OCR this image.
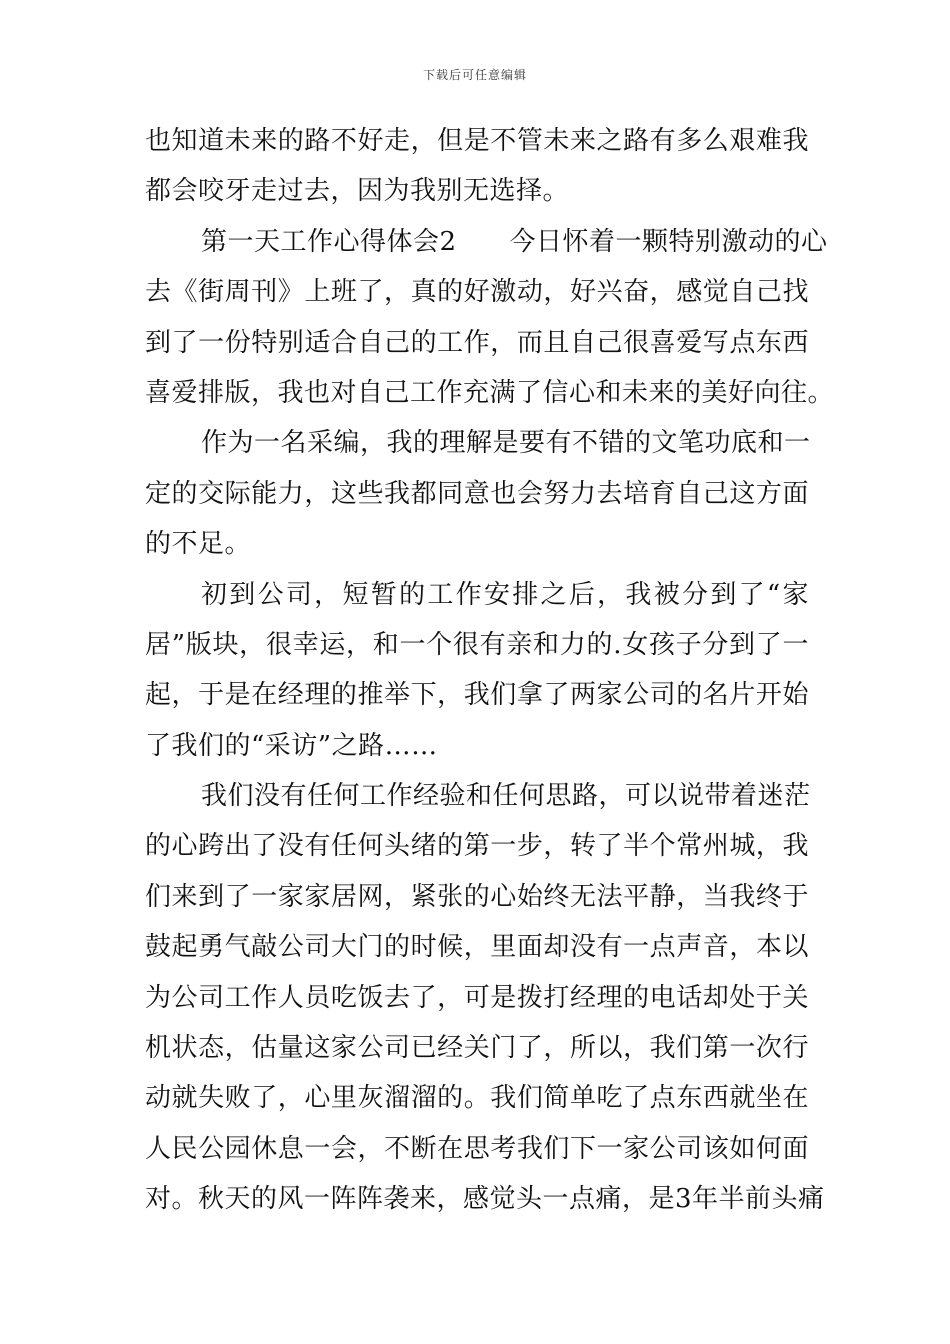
下载后可任意编辑
也知道未来的路不好走，但是不管未来之路有多么艰难我
都会咬牙走过去，因为我别无选择。
第一天工作心得体会2　　今日怀着一颗特别激动的心
去《街周刊》上班了，真的好激动，好兴奋，感觉自己找
到了一份特别适合自己的工作，而且自己很喜爱写点东西
喜爱排版，我也对自己工作充满了信心和未来的美好向往。
作为一名采编，我的理解是要有不错的文笔功底和一
定的交际能力，这些我都同意也会努力去培育自己这方面
的不足。
初到公司，短暂的工作安排之后，我被分到了“家
居”版块，很幸运，和一个很有亲和力的.女孩子分到了一
起，于是在经理的推举下，我们拿了两家公司的名片开始
了我们的“采访”之路……
我们没有任何工作经验和任何思路，可以说带着迷茫
的心跨出了没有任何头绪的第一步，转了半个常州城，我
们来到了一家家居网，紧张的心始终无法平静，当我终于
鼓起勇气敲公司大门的时候，里面却没有一点声音，本以
为公司工作人员吃饭去了，可是拨打经理的电话却处于关
机状态，估量这家公司已经关门了，所以，我们第一次行
动就失败了，心里灰溜溜的。我们简单吃了点东西就坐在
人民公园休息一会，不断在思考我们下一家公司该如何面
对。秋天的风一阵阵袭来，感觉头一点痛，是3年半前头痛
